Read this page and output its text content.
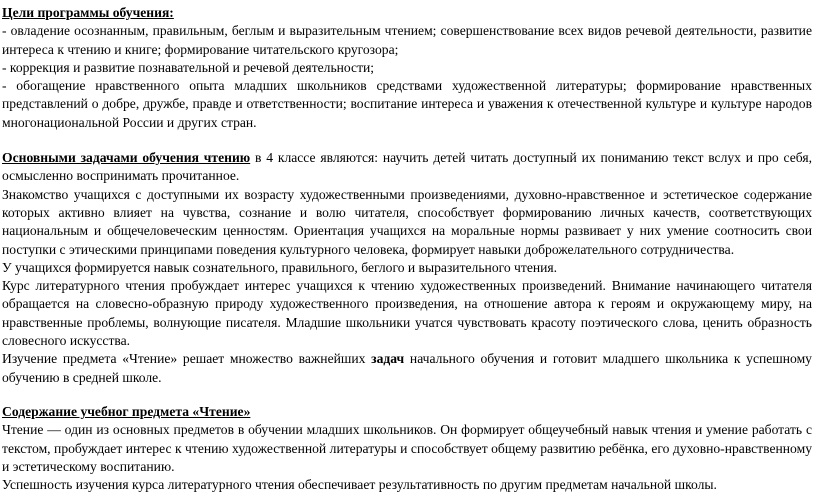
Цели программы обучения:

- овладение осознанным, правильным, беглым и выразительным чтением; совершенствование всех видов речевой деятельности, развитие интереса к чтению и книге; формирование читательского кругозора;

- коррекция и развитие познавательной и речевой деятельности;

- обогащение нравственного опыта младших школьников средствами художественной литературы; формирование нравственных представлений о добре, дружбе, правде и ответственности; воспитание интереса и уважения к отечественной культуре и культуре народов многонациональной России и других стран.

Основными задачами обучения чтению в 4 классе являются: научить детей читать доступный их пониманию текст вслух и про себя, осмысленно воспринимать прочитанное.

Знакомство учащихся с доступными их возрасту художественными произведениями, духовно-нравственное и эстетическое содержание которых активно влияет на чувства, сознание и волю читателя, способствует формированию личных качеств, соответствующих национальным и общечеловеческим ценностям. Ориентация учащихся на моральные нормы развивает у них умение соотносить свои поступки с этическими принципами поведения культурного человека, формирует навыки доброжелательного сотрудничества.

У учащихся формируется навык сознательного, правильного, беглого и выразительного чтения.

Курс литературного чтения пробуждает интерес учащихся к чтению художественных произведений. Внимание начинающего читателя обращается на словесно-образную природу художественного произведения, на отношение автора к героям и окружающему миру, на нравственные проблемы, волнующие писателя. Младшие школьники учатся чувствовать красоту поэтического слова, ценить образность словесного искусства.

Изучение предмета «Чтение» решает множество важнейших задач начального обучения и готовит младшего школьника к успешному обучению в средней школе.

Содержание учебног предмета «Чтение»

Чтение — один из основных предметов в обучении младших школьников. Он формирует общеучебный навык чтения и умение работать с текстом, пробуждает интерес к чтению художественной литературы и способствует общему развитию ребёнка, его духовно-нравственному и эстетическому воспитанию.

Успешность изучения курса литературного чтения обеспечивает результативность по другим предметам начальной школы.
